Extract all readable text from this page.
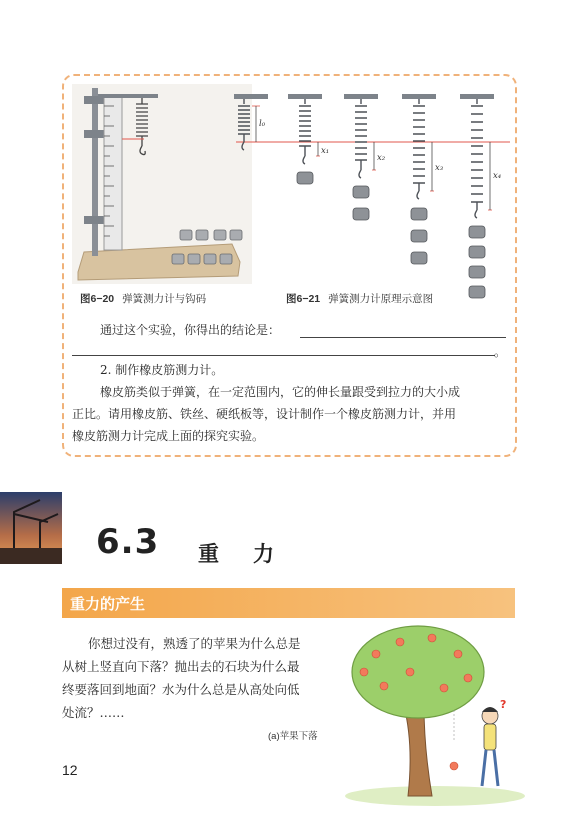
l₀
x₁
x₂
x₃
x₄
图6−20 弹簧测力计与钩码	图6−21 弹簧测力计原理示意图
通过这个实验，你得出的结论是：
。
2. 制作橡皮筋测力计。
橡皮筋类似于弹簧，在一定范围内，它的伸长量跟受到拉力的大小成
正比。请用橡皮筋、铁丝、硬纸板等，设计制作一个橡皮筋测力计，并用
橡皮筋测力计完成上面的探究实验。
6.3 重力
重力的产生
你想过没有，熟透了的苹果为什么总是
从树上竖直向下落？抛出去的石块为什么最
终要落回到地面？水为什么总是从高处向低
处流？……
(a)苹果下落
?
12
